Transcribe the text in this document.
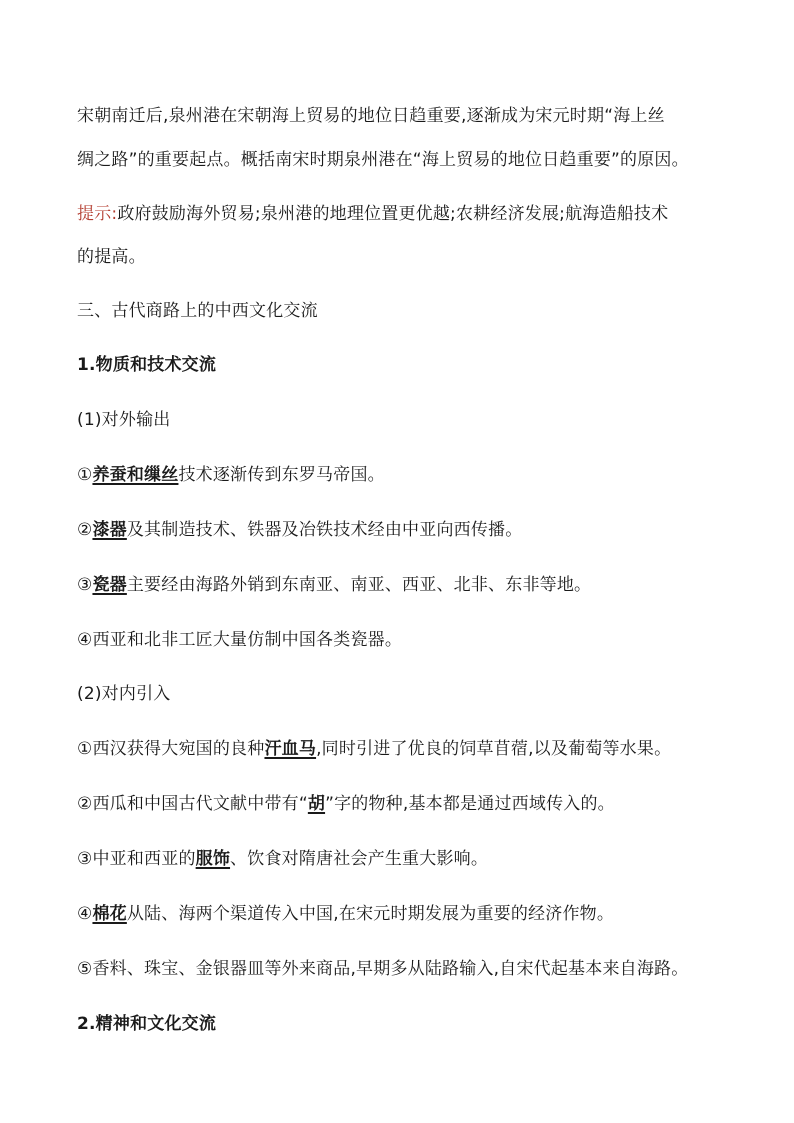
宋朝南迁后,泉州港在宋朝海上贸易的地位日趋重要,逐渐成为宋元时期“海上丝
绸之路”的重要起点。概括南宋时期泉州港在“海上贸易的地位日趋重要”的原因。
提示:政府鼓励海外贸易;泉州港的地理位置更优越;农耕经济发展;航海造船技术
的提高。
三、古代商路上的中西文化交流
1.物质和技术交流
(1)对外输出
①养蚕和缫丝技术逐渐传到东罗马帝国。
②漆器及其制造技术、铁器及冶铁技术经由中亚向西传播。
③瓷器主要经由海路外销到东南亚、南亚、西亚、北非、东非等地。
④西亚和北非工匠大量仿制中国各类瓷器。
(2)对内引入
①西汉获得大宛国的良种汗血马,同时引进了优良的饲草苜蓿,以及葡萄等水果。
②西瓜和中国古代文献中带有“胡”字的物种,基本都是通过西域传入的。
③中亚和西亚的服饰、饮食对隋唐社会产生重大影响。
④棉花从陆、海两个渠道传入中国,在宋元时期发展为重要的经济作物。
⑤香料、珠宝、金银器皿等外来商品,早期多从陆路输入,自宋代起基本来自海路。
2.精神和文化交流
